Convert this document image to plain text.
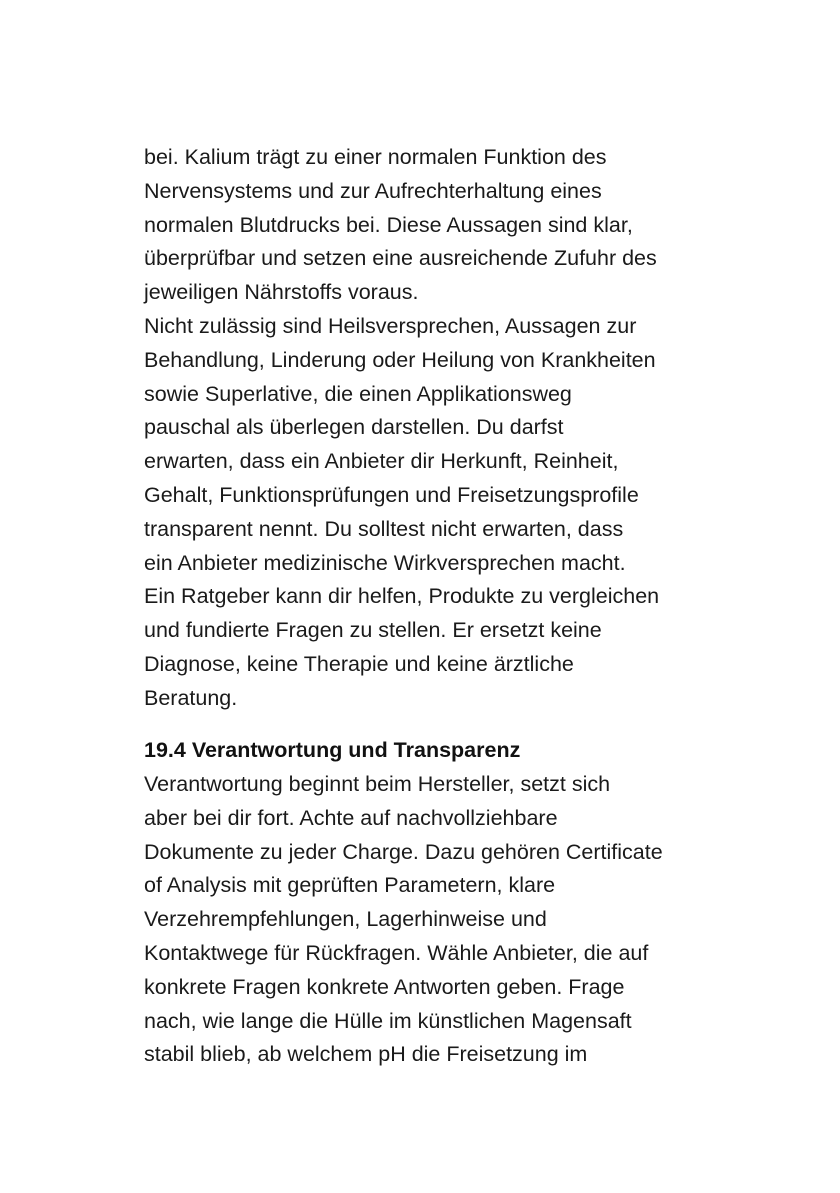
bei. Kalium trägt zu einer normalen Funktion des
Nervensystems und zur Aufrechterhaltung eines
normalen Blutdrucks bei. Diese Aussagen sind klar,
überprüfbar und setzen eine ausreichende Zufuhr des
jeweiligen Nährstoffs voraus.
Nicht zulässig sind Heilsversprechen, Aussagen zur
Behandlung, Linderung oder Heilung von Krankheiten
sowie Superlative, die einen Applikationsweg
pauschal als überlegen darstellen. Du darfst
erwarten, dass ein Anbieter dir Herkunft, Reinheit,
Gehalt, Funktionsprüfungen und Freisetzungsprofile
transparent nennt. Du solltest nicht erwarten, dass
ein Anbieter medizinische Wirkversprechen macht.
Ein Ratgeber kann dir helfen, Produkte zu vergleichen
und fundierte Fragen zu stellen. Er ersetzt keine
Diagnose, keine Therapie und keine ärztliche
Beratung.
19.4 Verantwortung und Transparenz
Verantwortung beginnt beim Hersteller, setzt sich
aber bei dir fort. Achte auf nachvollziehbare
Dokumente zu jeder Charge. Dazu gehören Certificate
of Analysis mit geprüften Parametern, klare
Verzehrempfehlungen, Lagerhinweise und
Kontaktwege für Rückfragen. Wähle Anbieter, die auf
konkrete Fragen konkrete Antworten geben. Frage
nach, wie lange die Hülle im künstlichen Magensaft
stabil blieb, ab welchem pH die Freisetzung im
